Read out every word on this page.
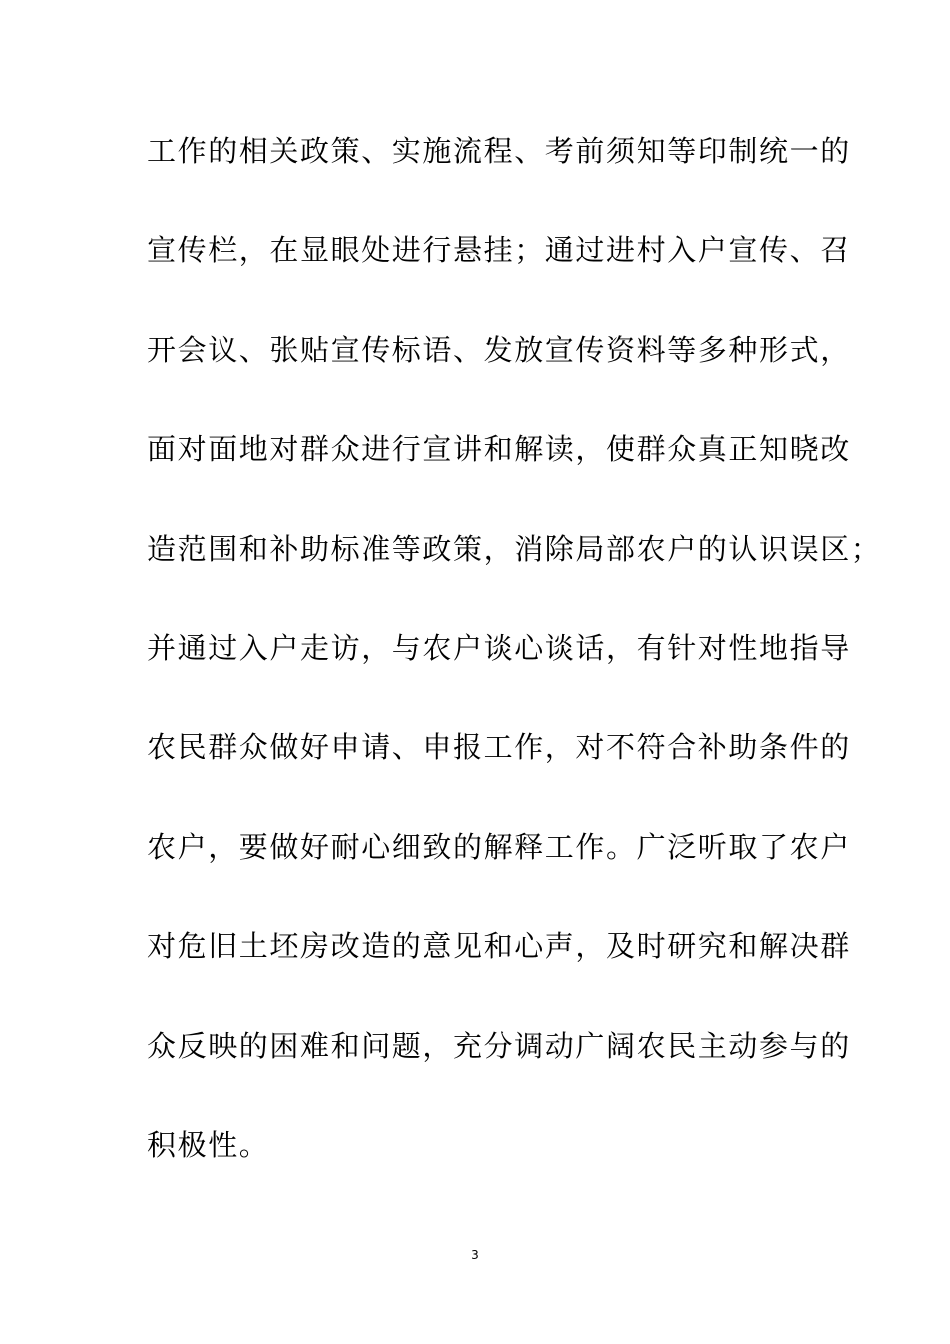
工作的相关政策、实施流程、考前须知等印制统一的
宣传栏，在显眼处进行悬挂；通过进村入户宣传、召
开会议、张贴宣传标语、发放宣传资料等多种形式，
面对面地对群众进行宣讲和解读，使群众真正知晓改
造范围和补助标准等政策，消除局部农户的认识误区；
并通过入户走访，与农户谈心谈话，有针对性地指导
农民群众做好申请、申报工作，对不符合补助条件的
农户，要做好耐心细致的解释工作。广泛听取了农户
对危旧土坯房改造的意见和心声，及时研究和解决群
众反映的困难和问题，充分调动广阔农民主动参与的
积极性。
3
